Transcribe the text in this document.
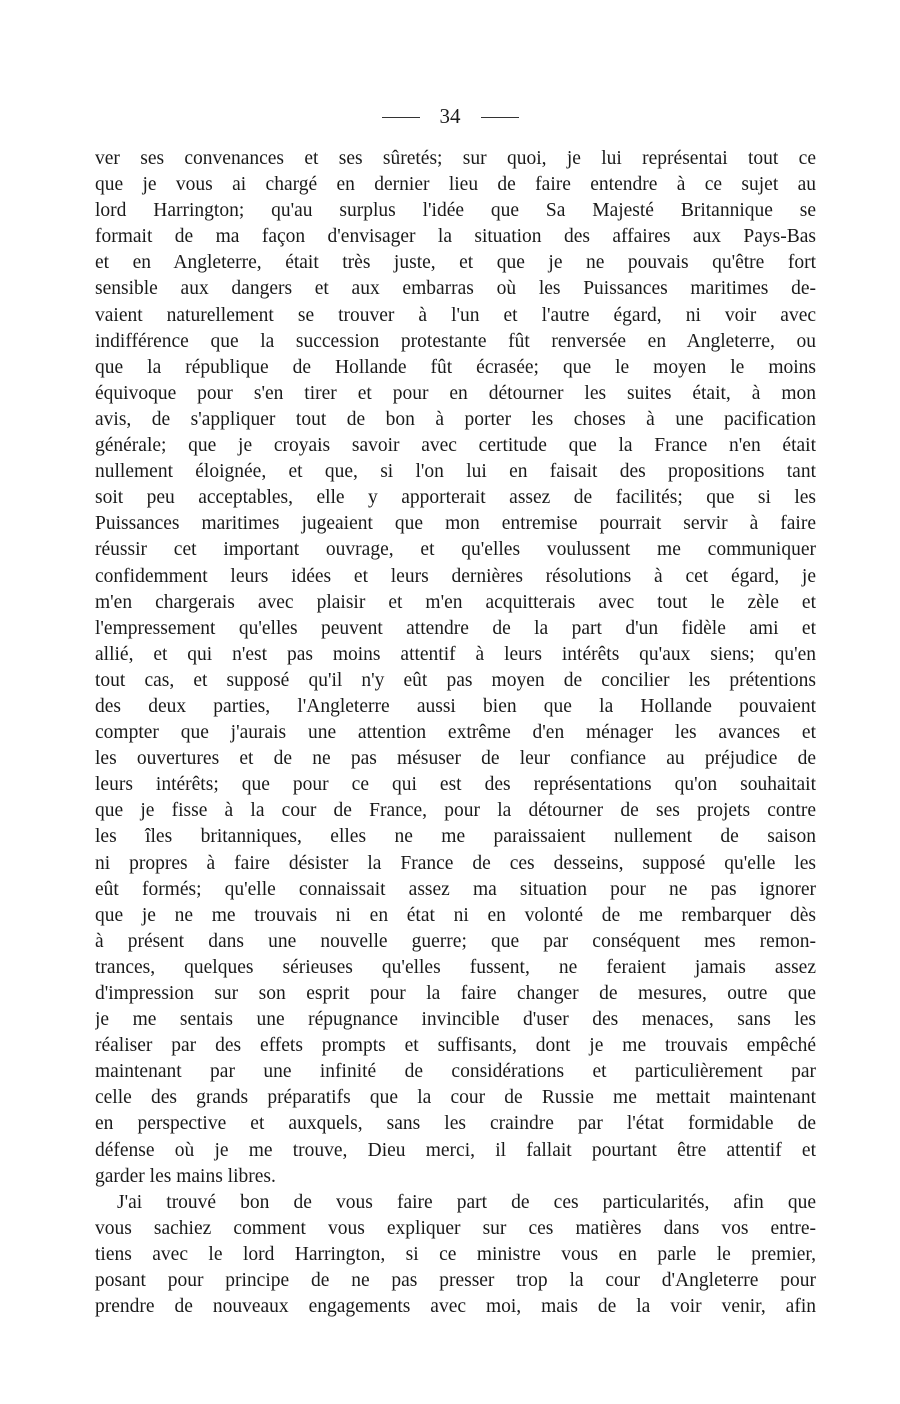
34
ver ses convenances et ses sûretés; sur quoi, je lui représentai tout ce
que je vous ai chargé en dernier lieu de faire entendre à ce sujet au
lord Harrington; qu'au surplus l'idée que Sa Majesté Britannique se
formait de ma façon d'envisager la situation des affaires aux Pays-Bas
et en Angleterre, était très juste, et que je ne pouvais qu'être fort
sensible aux dangers et aux embarras où les Puissances maritimes de-
vaient naturellement se trouver à l'un et l'autre égard, ni voir avec
indifférence que la succession protestante fût renversée en Angleterre, ou
que la république de Hollande fût écrasée; que le moyen le moins
équivoque pour s'en tirer et pour en détourner les suites était, à mon
avis, de s'appliquer tout de bon à porter les choses à une pacification
générale; que je croyais savoir avec certitude que la France n'en était
nullement éloignée, et que, si l'on lui en faisait des propositions tant
soit peu acceptables, elle y apporterait assez de facilités; que si les
Puissances maritimes jugeaient que mon entremise pourrait servir à faire
réussir cet important ouvrage, et qu'elles voulussent me communiquer
confidemment leurs idées et leurs dernières résolutions à cet égard, je
m'en chargerais avec plaisir et m'en acquitterais avec tout le zèle et
l'empressement qu'elles peuvent attendre de la part d'un fidèle ami et
allié, et qui n'est pas moins attentif à leurs intérêts qu'aux siens; qu'en
tout cas, et supposé qu'il n'y eût pas moyen de concilier les prétentions
des deux parties, l'Angleterre aussi bien que la Hollande pouvaient
compter que j'aurais une attention extrême d'en ménager les avances et
les ouvertures et de ne pas mésuser de leur confiance au préjudice de
leurs intérêts; que pour ce qui est des représentations qu'on souhaitait
que je fisse à la cour de France, pour la détourner de ses projets contre
les îles britanniques, elles ne me paraissaient nullement de saison
ni propres à faire désister la France de ces desseins, supposé qu'elle les
eût formés; qu'elle connaissait assez ma situation pour ne pas ignorer
que je ne me trouvais ni en état ni en volonté de me rembarquer dès
à présent dans une nouvelle guerre; que par conséquent mes remon-
trances, quelques sérieuses qu'elles fussent, ne feraient jamais assez
d'impression sur son esprit pour la faire changer de mesures, outre que
je me sentais une répugnance invincible d'user des menaces, sans les
réaliser par des effets prompts et suffisants, dont je me trouvais empêché
maintenant par une infinité de considérations et particulièrement par
celle des grands préparatifs que la cour de Russie me mettait maintenant
en perspective et auxquels, sans les craindre par l'état formidable de
défense où je me trouve, Dieu merci, il fallait pourtant être attentif et
garder les mains libres.
J'ai trouvé bon de vous faire part de ces particularités, afin que
vous sachiez comment vous expliquer sur ces matières dans vos entre-
tiens avec le lord Harrington, si ce ministre vous en parle le premier,
posant pour principe de ne pas presser trop la cour d'Angleterre pour
prendre de nouveaux engagements avec moi, mais de la voir venir, afin
